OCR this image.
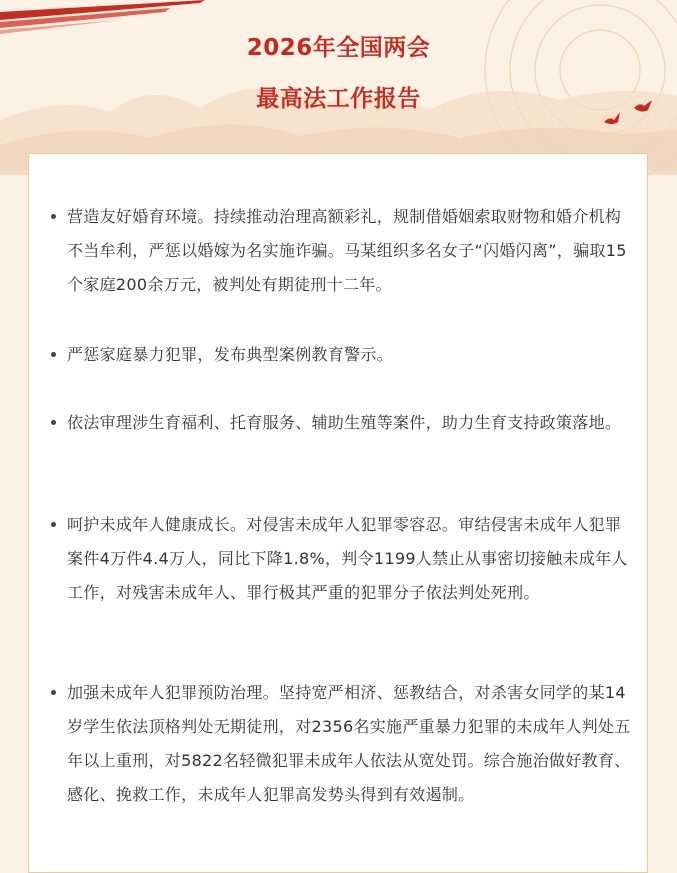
2026年全国两会
最高法工作报告

营造友好婚育环境。持续推动治理高额彩礼，规制借婚姻索取财物和婚介机构不当牟利，严惩以婚嫁为名实施诈骗。马某组织多名女子“闪婚闪离”，骗取15个家庭200余万元，被判处有期徒刑十二年。

严惩家庭暴力犯罪，发布典型案例教育警示。

依法审理涉生育福利、托育服务、辅助生殖等案件，助力生育支持政策落地。

呵护未成年人健康成长。对侵害未成年人犯罪零容忍。审结侵害未成年人犯罪案件4万件4.4万人，同比下降1.8%，判令1199人禁止从事密切接触未成年人工作，对残害未成年人、罪行极其严重的犯罪分子依法判处死刑。

加强未成年人犯罪预防治理。坚持宽严相济、惩教结合，对杀害女同学的某14岁学生依法顶格判处无期徒刑，对2356名实施严重暴力犯罪的未成年人判处五年以上重刑，对5822名轻微犯罪未成年人依法从宽处罚。综合施治做好教育、感化、挽救工作，未成年人犯罪高发势头得到有效遏制。
